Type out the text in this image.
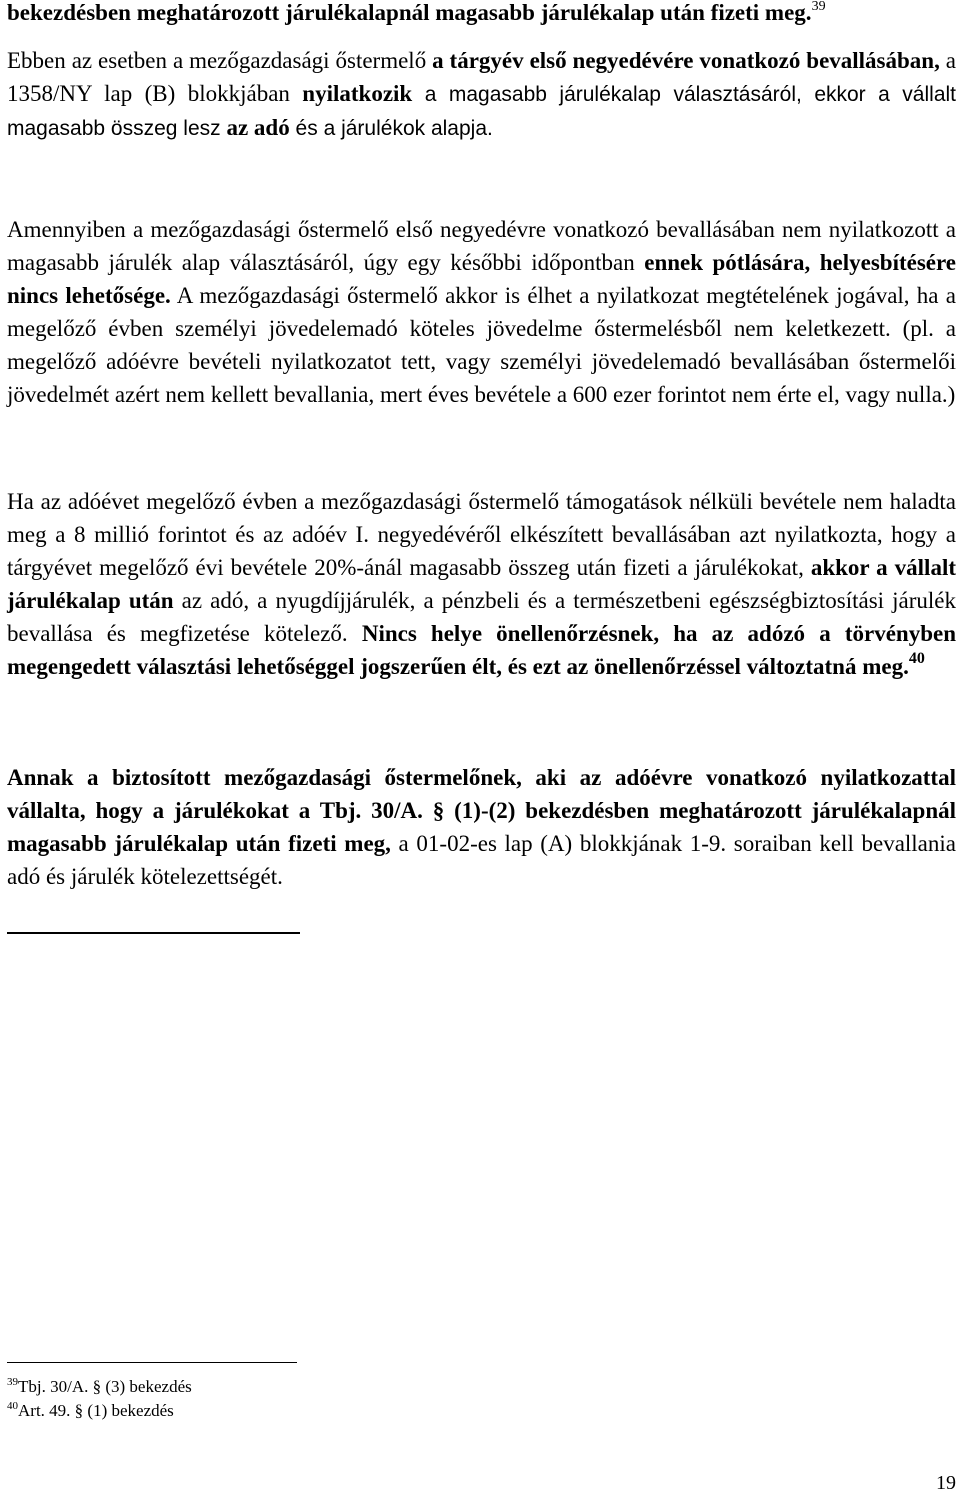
bekezdésben meghatározott járulékalapnál magasabb járulékalap után fizeti meg.$^{39}$

Ebben az esetben a mezőgazdasági őstermelő a tárgyév első negyedévére vonatkozó bevallásában, a 1358/NY lap (B) blokkjában nyilatkozik a magasabb járulékalap választásáról, ekkor a vállalt magasabb összeg lesz az adó és a járulékok alapja.

Amennyiben a mezőgazdasági őstermelő első negyedévre vonatkozó bevallásában nem nyilatkozott a magasabb járulék alap választásáról, úgy egy későbbi időpontban ennek pótlására, helyesbítésére nincs lehetősége. A mezőgazdasági őstermelő akkor is élhet a nyilatkozat megtételének jogával, ha a megelőző évben személyi jövedelemadó köteles jövedelme őstermelésből nem keletkezett. (pl. a megelőző adóévre bevételi nyilatkozatot tett, vagy személyi jövedelemadó bevallásában őstermelői jövedelmét azért nem kellett bevallania, mert éves bevétele a 600 ezer forintot nem érte el, vagy nulla.)

Ha az adóévet megelőző évben a mezőgazdasági őstermelő támogatások nélküli bevétele nem haladta meg a 8 millió forintot és az adóév I. negyedévéről elkészített bevallásában azt nyilatkozta, hogy a tárgyévet megelőző évi bevétele 20%-ánál magasabb összeg után fizeti a járulékokat, akkor a vállalt járulékalap után az adó, a nyugdíjjárulék, a pénzbeli és a természetbeni egészségbiztosítási járulék bevallása és megfizetése kötelező. Nincs helye önellenőrzésnek, ha az adózó a törvényben megengedett választási lehetőséggel jogszerűen élt, és ezt az önellenőrzéssel változtatná meg.$^{40}$

Annak a biztosított mezőgazdasági őstermelőnek, aki az adóévre vonatkozó nyilatkozattal vállalta, hogy a járulékokat a Tbj. 30/A. § (1)-(2) bekezdésben meghatározott járulékalapnál magasabb járulékalap után fizeti meg, a 01-02-es lap (A) blokkjának 1-9. soraiban kell bevallania adó és járulék kötelezettségét.

$^{39}$Tbj. 30/A. § (3) bekezdés
$^{40}$Art. 49. § (1) bekezdés
19
